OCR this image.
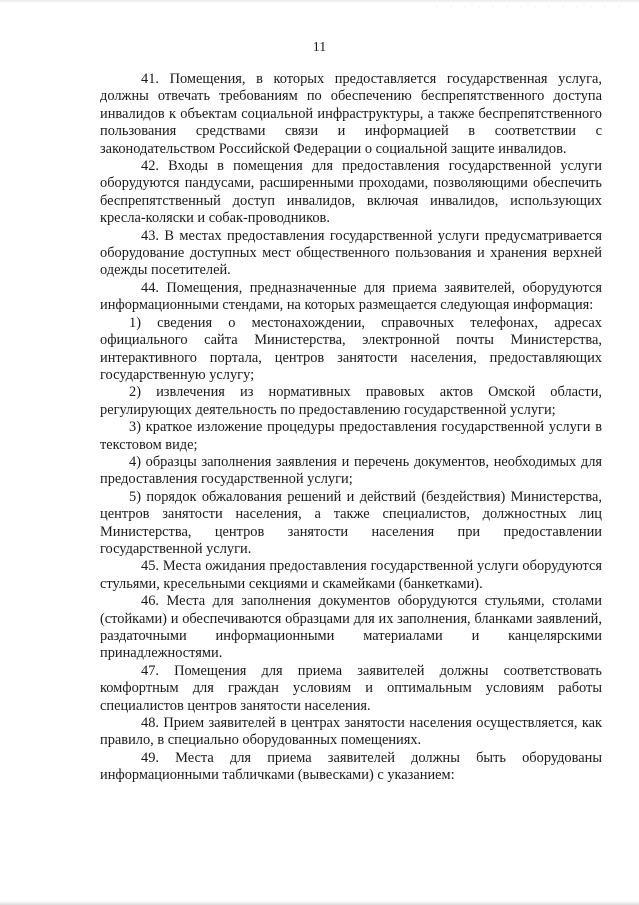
11

41. Помещения, в которых предоставляется государственная услуга, должны отвечать требованиям по обеспечению беспрепятственного доступа инвалидов к объектам социальной инфраструктуры, а также беспрепятственного пользования средствами связи и информацией в соответствии с законодательством Российской Федерации о социальной защите инвалидов.

42. Входы в помещения для предоставления государственной услуги оборудуются пандусами, расширенными проходами, позволяющими обеспечить беспрепятственный доступ инвалидов, включая инвалидов, использующих кресла-коляски и собак-проводников.

43. В местах предоставления государственной услуги предусматривается оборудование доступных мест общественного пользования и хранения верхней одежды посетителей.

44. Помещения, предназначенные для приема заявителей, оборудуются информационными стендами, на которых размещается следующая информация:

1) сведения о местонахождении, справочных телефонах, адресах официального сайта Министерства, электронной почты Министерства, интерактивного портала, центров занятости населения, предоставляющих государственную услугу;

2) извлечения из нормативных правовых актов Омской области, регулирующих деятельность по предоставлению государственной услуги;

3) краткое изложение процедуры предоставления государственной услуги в текстовом виде;

4) образцы заполнения заявления и перечень документов, необходимых для предоставления государственной услуги;

5) порядок обжалования решений и действий (бездействия) Министерства, центров занятости населения, а также специалистов, должностных лиц Министерства, центров занятости населения при предоставлении государственной услуги.

45. Места ожидания предоставления государственной услуги оборудуются стульями, кресельными секциями и скамейками (банкетками).

46. Места для заполнения документов оборудуются стульями, столами (стойками) и обеспечиваются образцами для их заполнения, бланками заявлений, раздаточными информационными материалами и канцелярскими принадлежностями.

47. Помещения для приема заявителей должны соответствовать комфортным для граждан условиям и оптимальным условиям работы специалистов центров занятости населения.

48. Прием заявителей в центрах занятости населения осуществляется, как правило, в специально оборудованных помещениях.

49. Места для приема заявителей должны быть оборудованы информационными табличками (вывесками) с указанием:
